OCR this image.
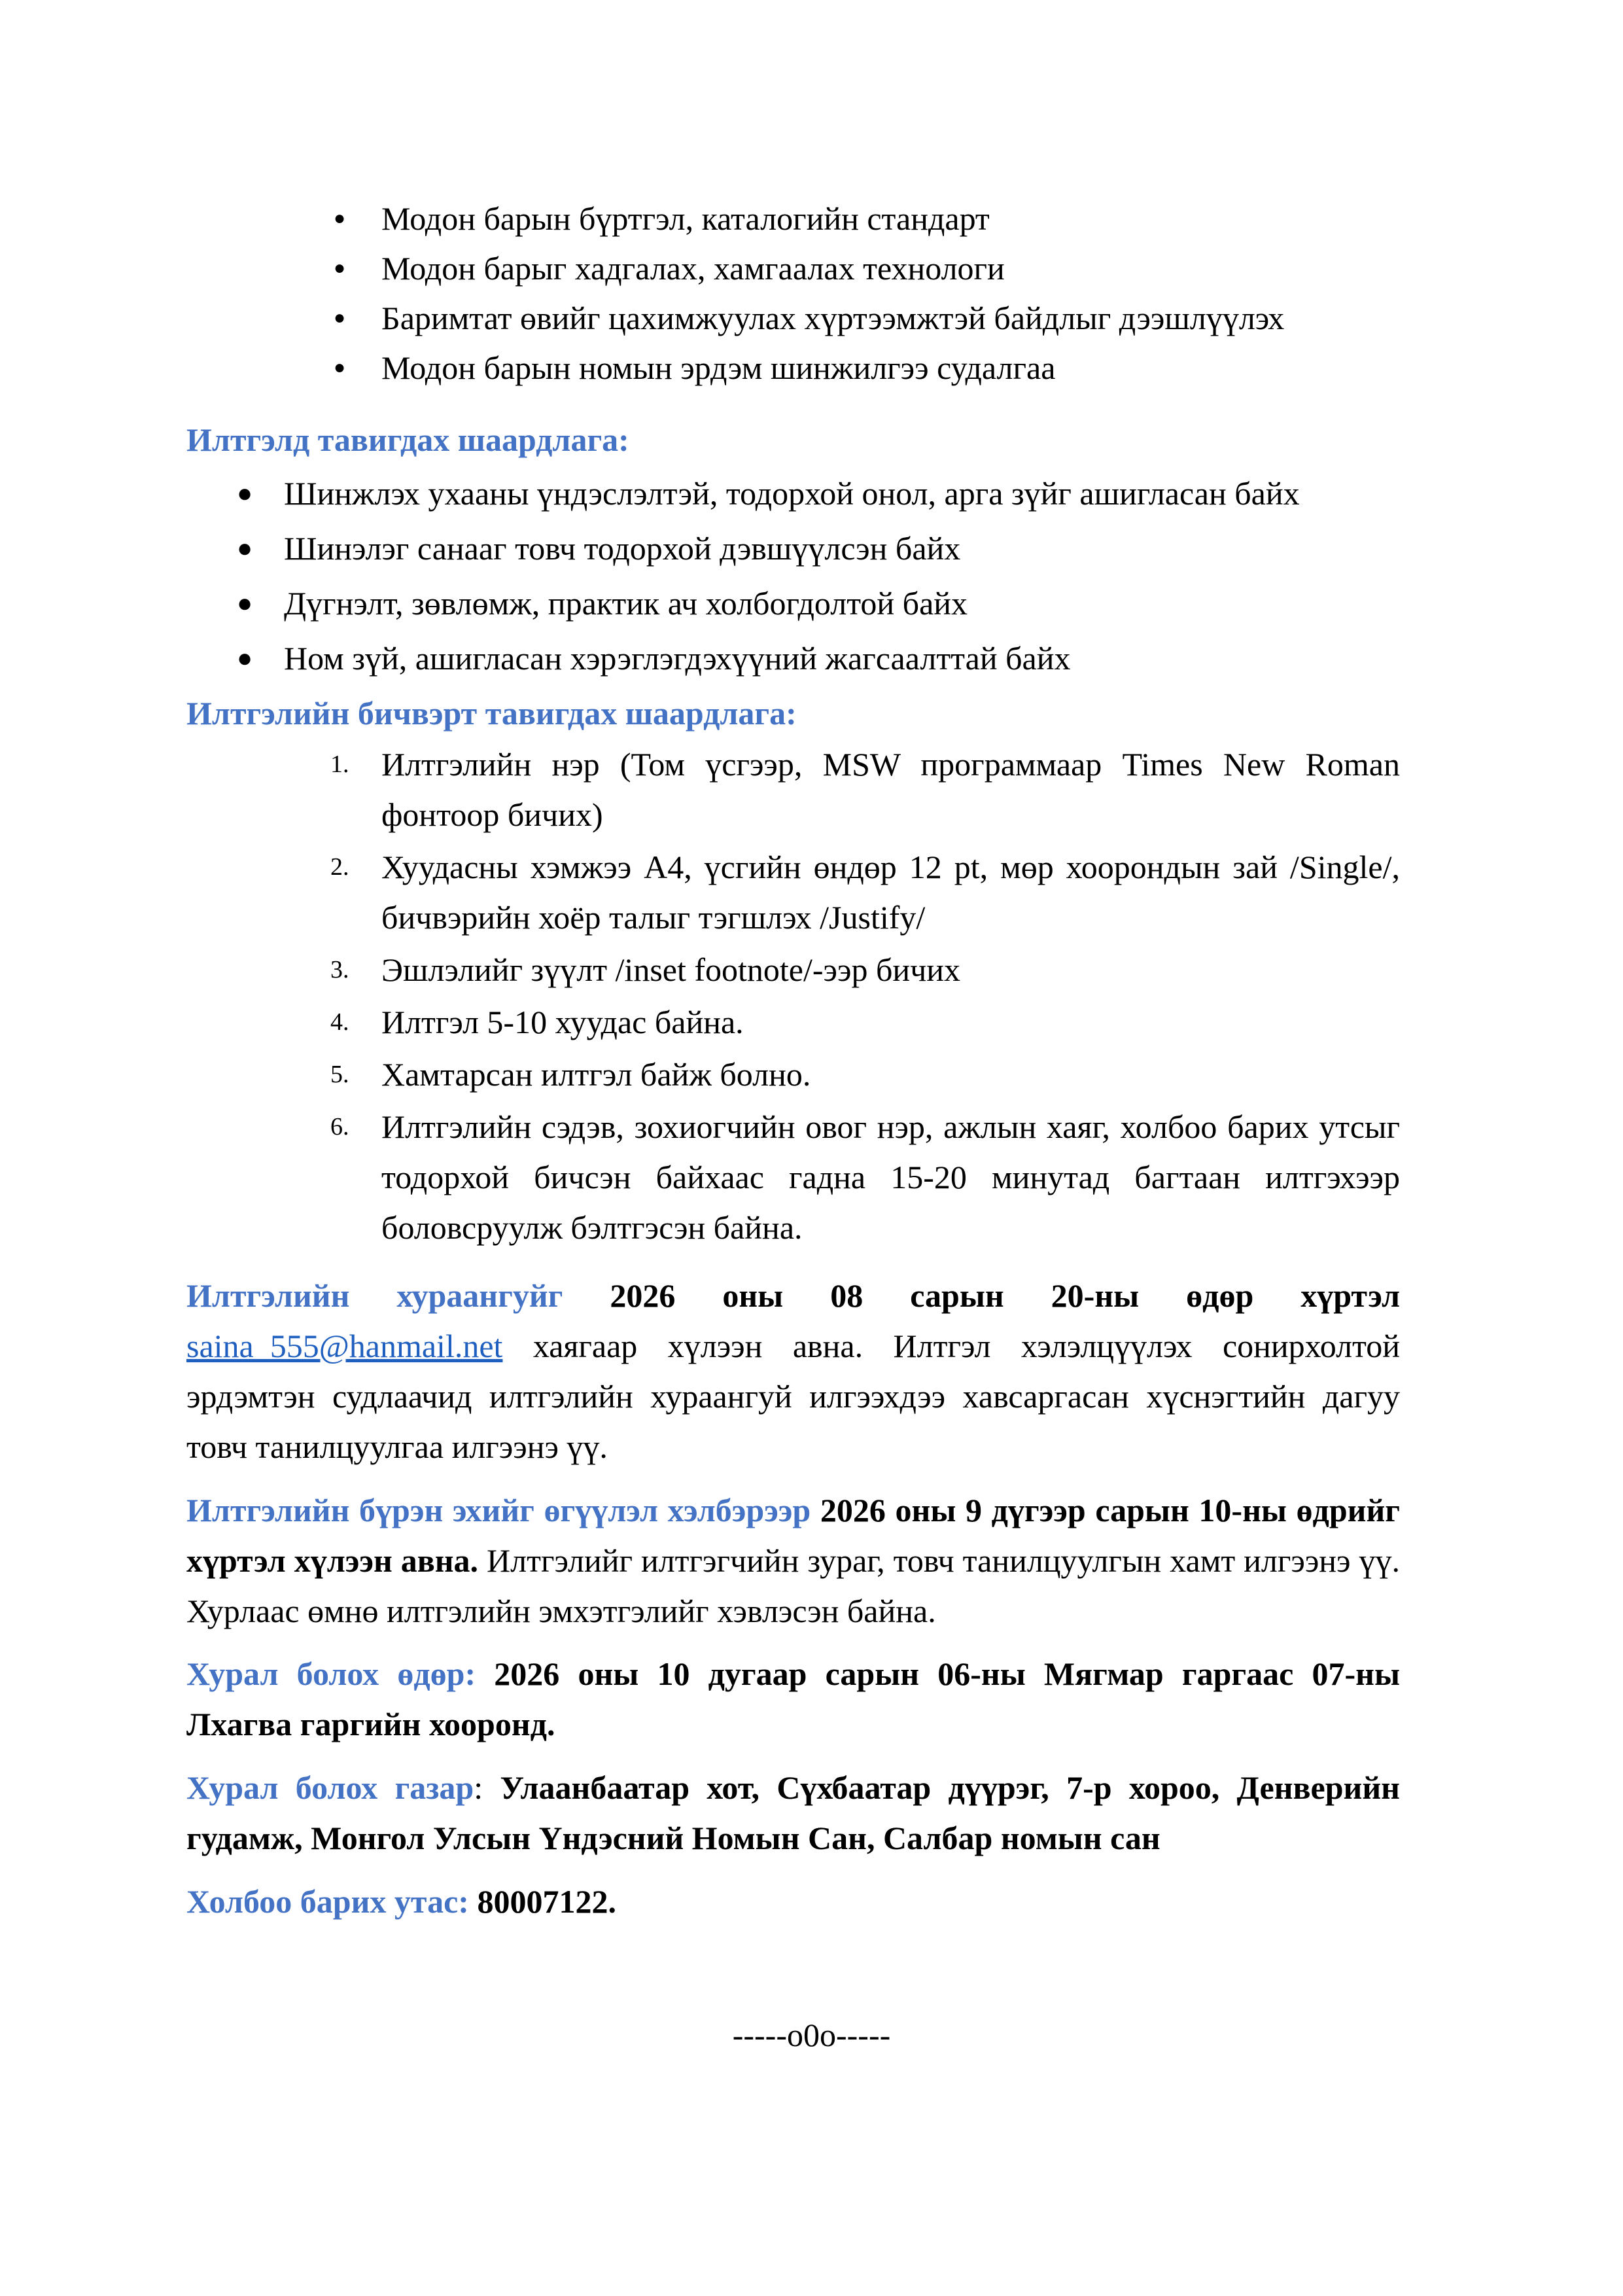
● Модон барын бүртгэл, каталогийн стандарт
● Модон барыг хадгалах, хамгаалах технологи
● Баримтат өвийг цахимжуулах хүртээмжтэй байдлыг дээшлүүлэх
● Модон барын номын эрдэм шинжилгээ судалгаа
Илтгэлд тавигдах шаардлага:
● Шинжлэх ухааны үндэслэлтэй, тодорхой онол, арга зүйг ашигласан байх
● Шинэлэг санааг товч тодорхой дэвшүүлсэн байх
● Дүгнэлт, зөвлөмж, практик ач холбогдолтой байх
● Ном зүй, ашигласан хэрэглэгдэхүүний жагсаалттай байх
Илтгэлийн бичвэрт тавигдах шаардлага:
1. Илтгэлийн нэр (Том үсгээр, MSW программаар Times New Roman фонтоор бичих)
2. Хуудасны хэмжээ А4, үсгийн өндөр 12 pt, мөр хоорондын зай /Single/, бичвэрийн хоёр талыг тэгшлэх /Justify/
3. Эшлэлийг зүүлт /inset footnote/-ээр бичих
4. Илтгэл 5-10 хуудас байна.
5. Хамтарсан илтгэл байж болно.
6. Илтгэлийн сэдэв, зохиогчийн овог нэр, ажлын хаяг, холбоо барих утсыг тодорхой бичсэн байхаас гадна 15-20 минутад багтаан илтгэхээр боловсруулж бэлтгэсэн байна.

Илтгэлийн хураангуйг 2026 оны 08 сарын 20-ны өдөр хүртэл saina_555@hanmail.net хаягаар хүлээн авна. Илтгэл хэлэлцүүлэх сонирхолтой эрдэмтэн судлаачид илтгэлийн хураангуй илгээхдээ хавсаргасан хүснэгтийн дагуу товч танилцуулгаа илгээнэ үү.

Илтгэлийн бүрэн эхийг өгүүлэл хэлбэрээр 2026 оны 9 дүгээр сарын 10-ны өдрийг хүртэл хүлээн авна. Илтгэлийг илтгэгчийн зураг, товч танилцуулгын хамт илгээнэ үү. Хурлаас өмнө илтгэлийн эмхэтгэлийг хэвлэсэн байна.

Хурал болох өдөр: 2026 оны 10 дугаар сарын 06-ны Мягмар гаргаас 07-ны Лхагва гаргийн хооронд.

Хурал болох газар: Улаанбаатар хот, Сүхбаатар дүүрэг, 7-р хороо, Денверийн гудамж, Монгол Улсын Үндэсний Номын Сан, Салбар номын сан

Холбоо барих утас: 80007122.

-----o0o-----
